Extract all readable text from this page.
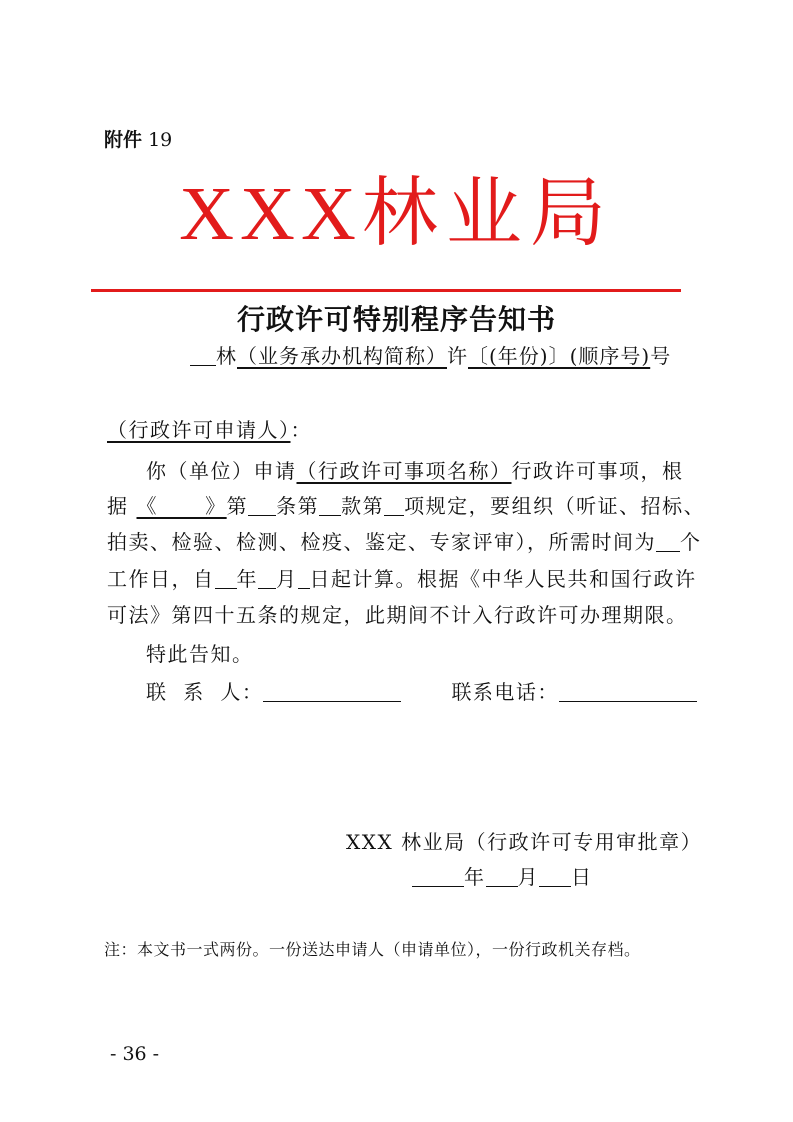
附件 19
XXX林业局
行政许可特别程序告知书
林（业务承办机构简称）许〔(年份)〕(顺序号)号
（行政许可申请人）：
你（单位）申请（行政许可事项名称）行政许可事项，根
据 《      》第 条第 款第 项规定，要组织（听证、招标、
拍卖、检验、检测、检疫、鉴定、专家评审），所需时间为 个
工作日，自 年 月 日起计算。根据《中华人民共和国行政许
可法》第四十五条的规定，此期间不计入行政许可办理期限。
特此告知。
联  系  人：	联系电话：
XXX 林业局（行政许可专用审批章）
年 月 日
注：本文书一式两份。一份送达申请人（申请单位），一份行政机关存档。
- 36 -
